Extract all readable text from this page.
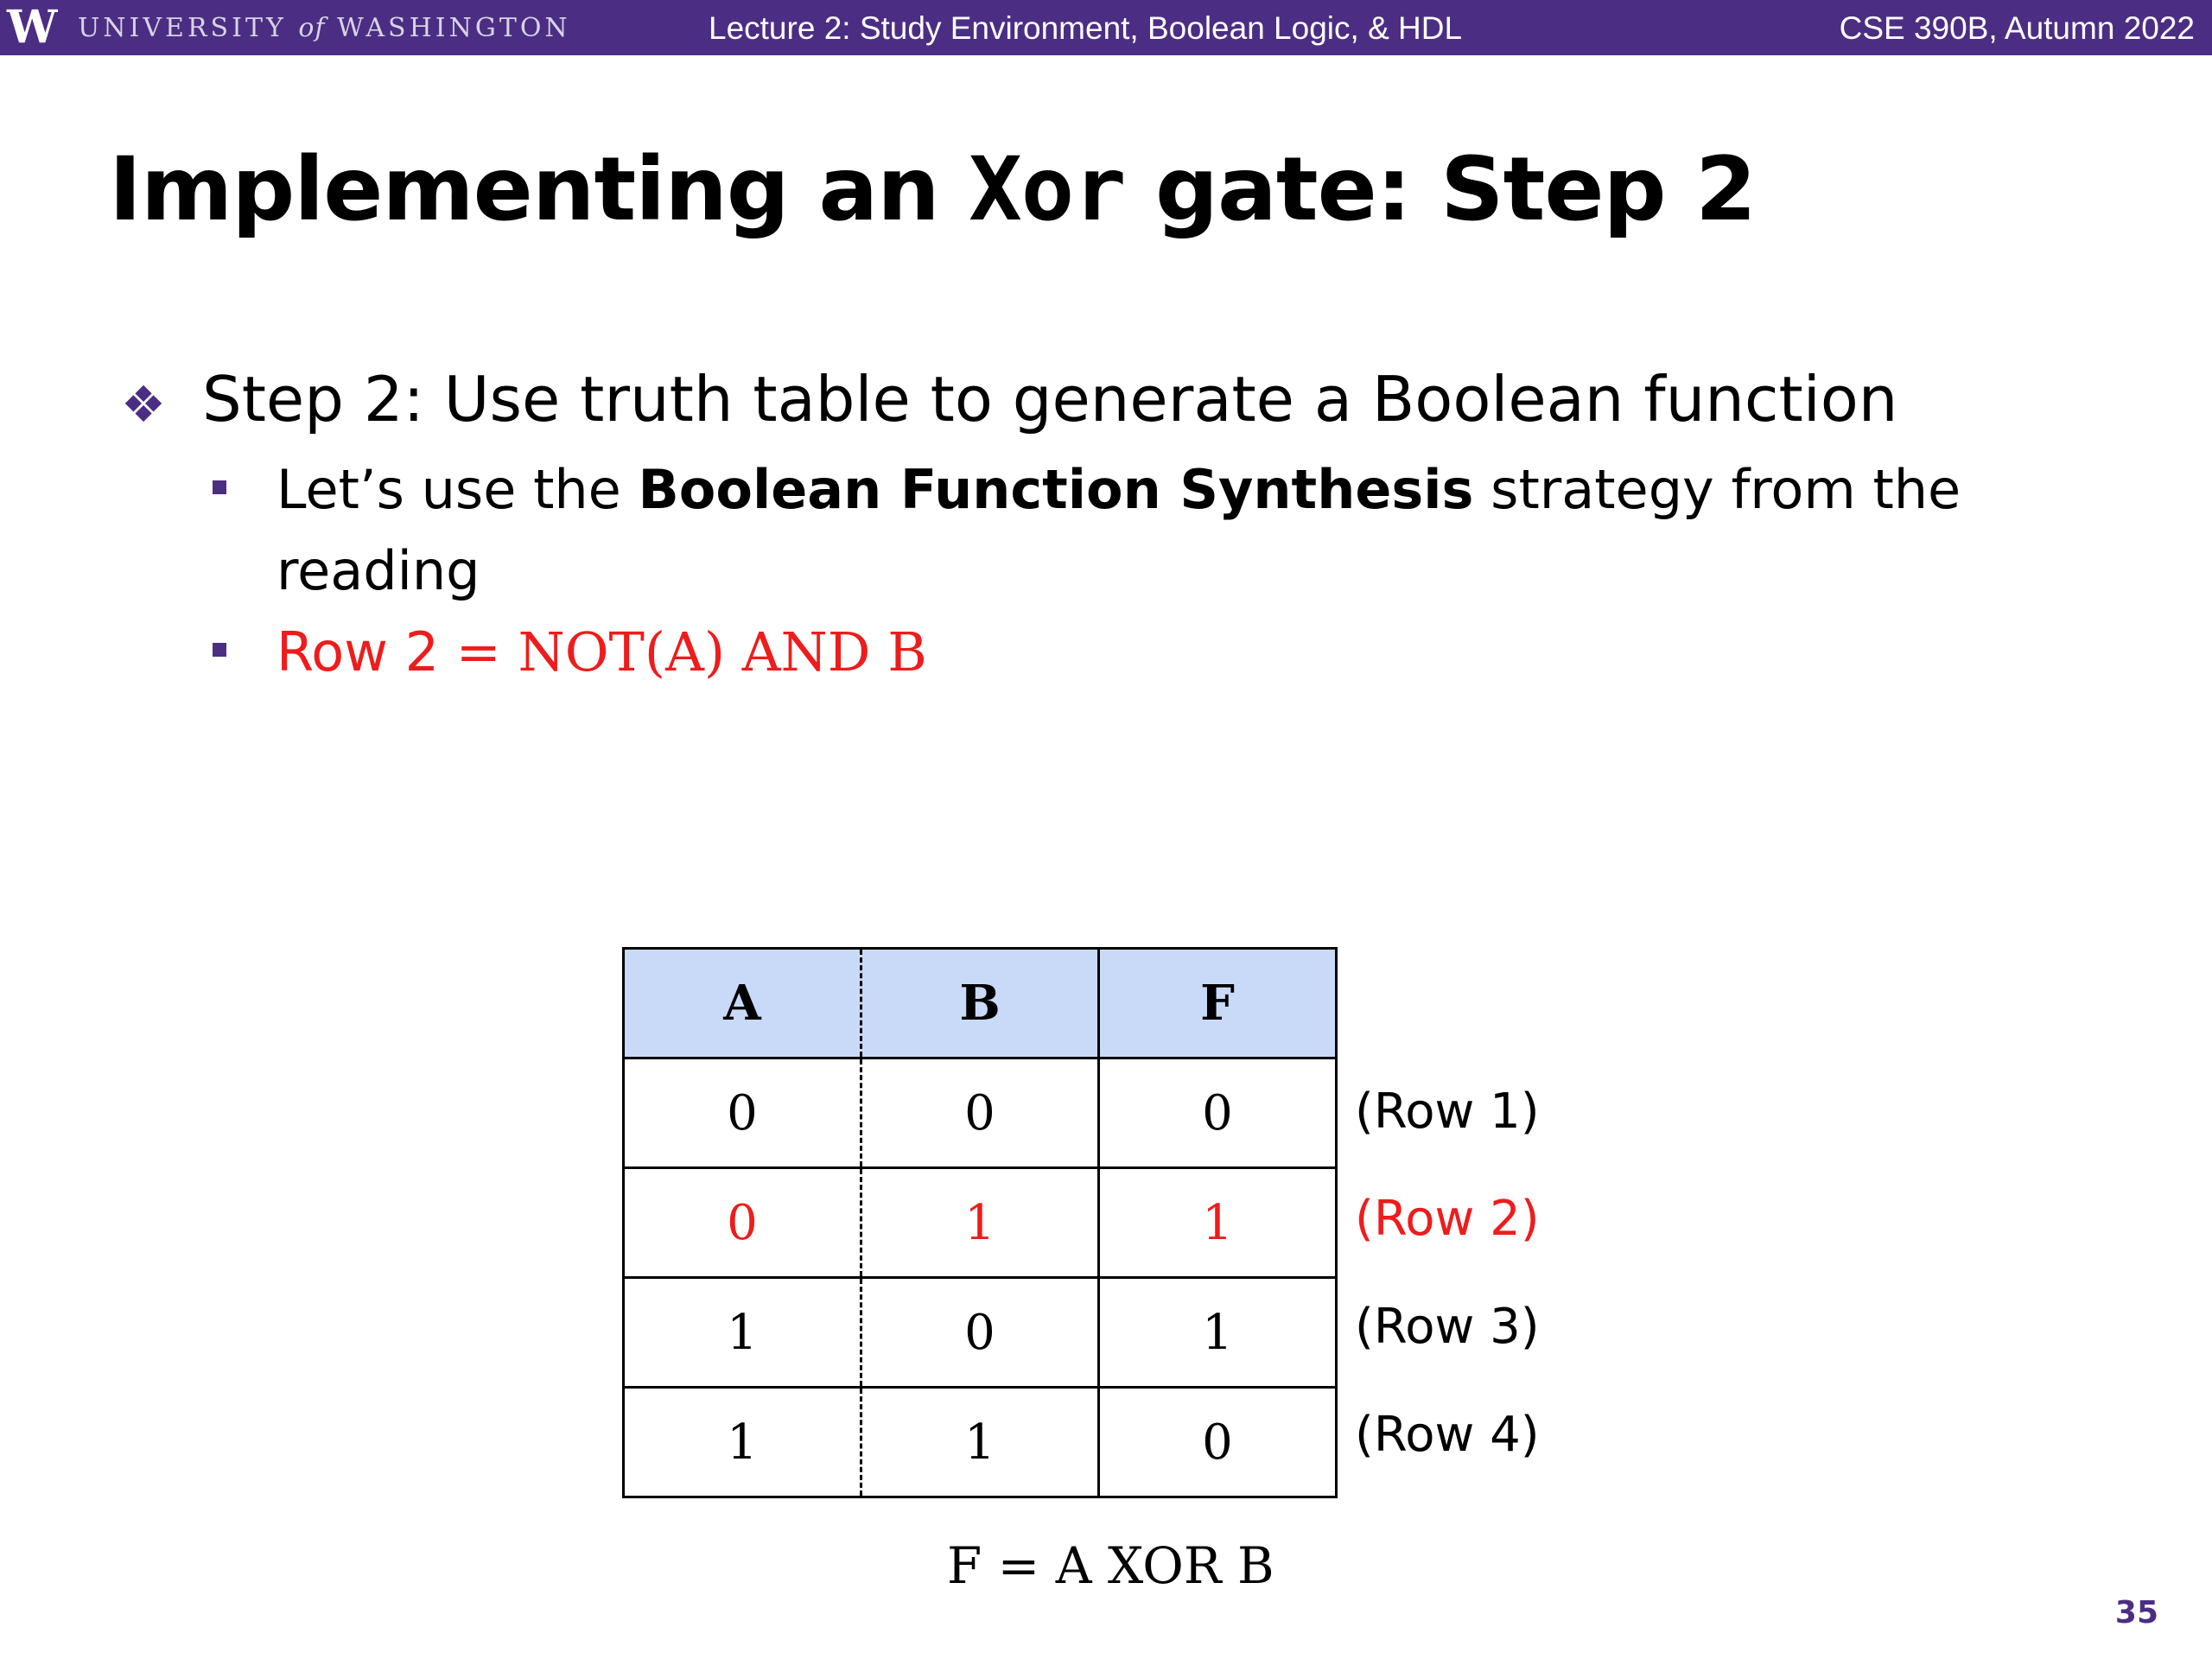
W UNIVERSITY of WASHINGTON	Lecture 2: Study Environment, Boolean Logic, & HDL	CSE 390B, Autumn 2022
Implementing an Xor gate: Step 2
❖ Step 2: Use truth table to generate a Boolean function
Let’s use the Boolean Function Synthesis strategy from the reading
Row 2 = NOT(A) AND B
A	B	F
0	0	0
0	1	1
1	0	1
1	1	0
(Row 1)
(Row 2)
(Row 3)
(Row 4)
F = A XOR B
35
